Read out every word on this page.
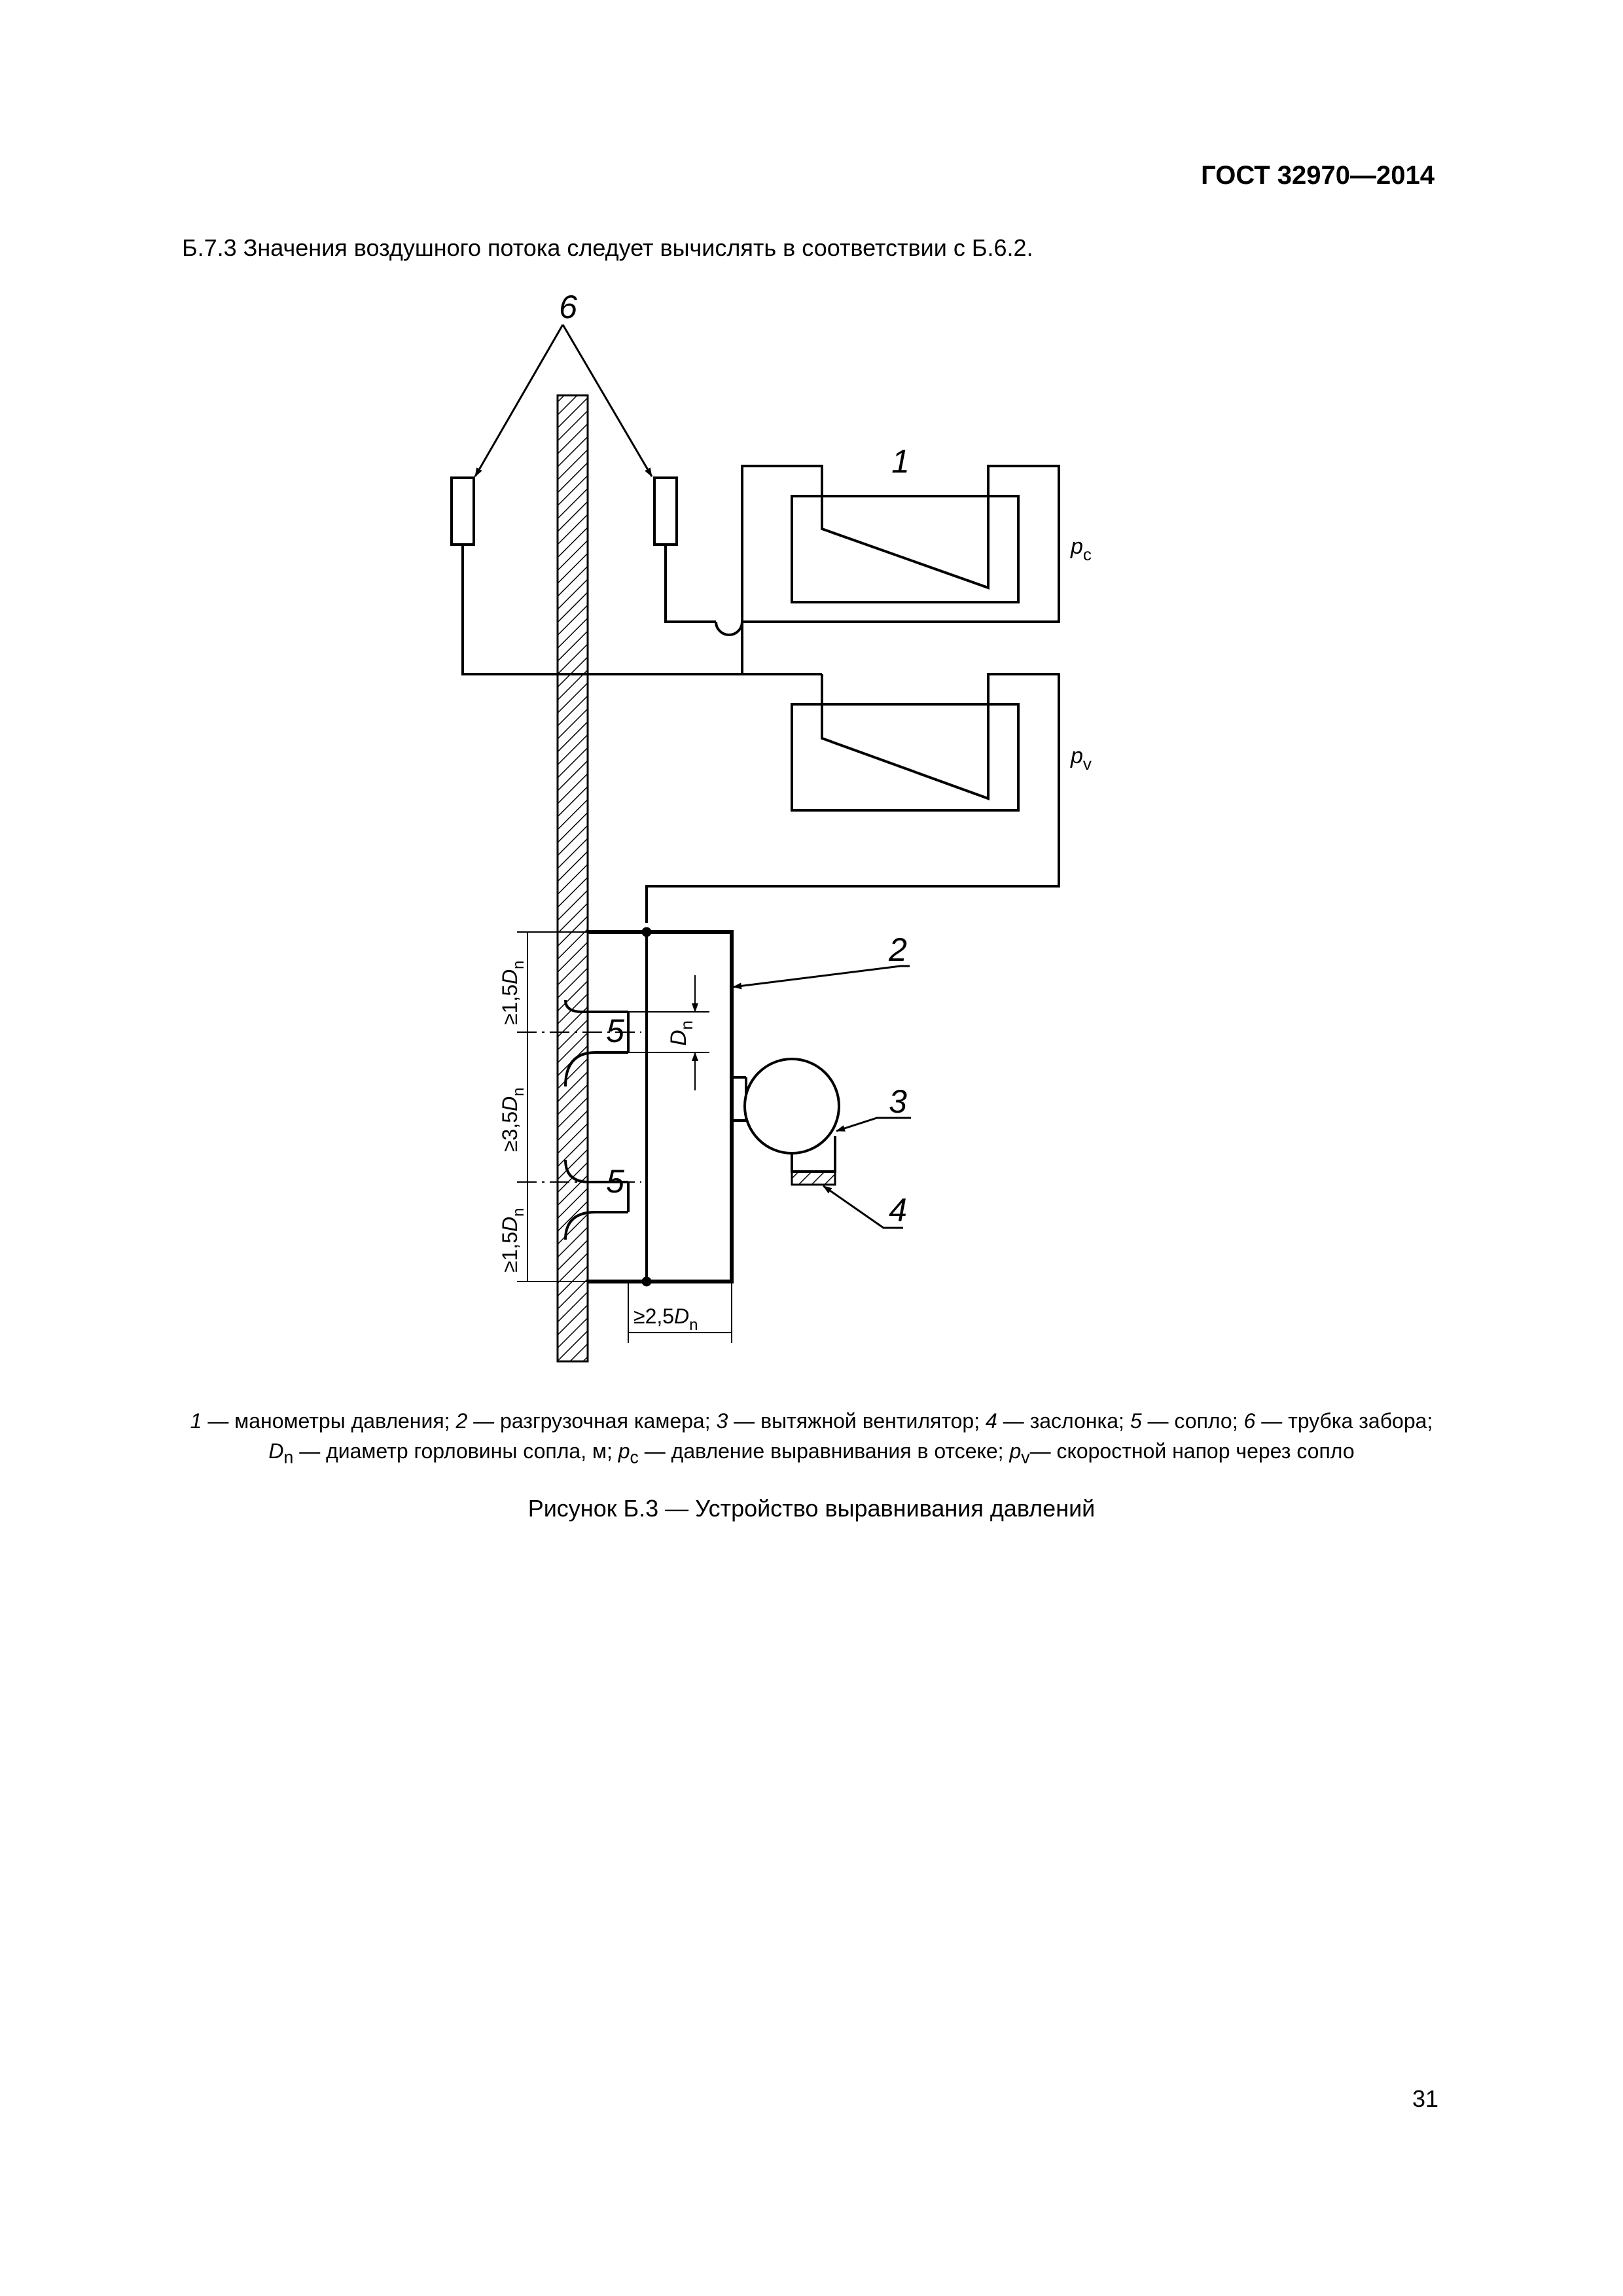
ГОСТ 32970—2014
Б.7.3 Значения воздушного потока следует вычислять в соответствии с Б.6.2.
6
1
2
3
4
5
5
$p_с$
$p_v$
$D_n$
$\ge 1,5D_n$
$\ge 3,5D_n$
$\ge 1,5D_n$
$\ge 2,5D_n$
1 — манометры давления; 2 — разгрузочная камера; 3 — вытяжной вентилятор; 4 — заслонка; 5 — сопло; 6 — трубка забора;
$D_n$ — диаметр горловины сопла, м; $p_c$ — давление выравнивания в отсеке; $p_v—$ скоростной напор через сопло
Рисунок Б.3 — Устройство выравнивания давлений
31
